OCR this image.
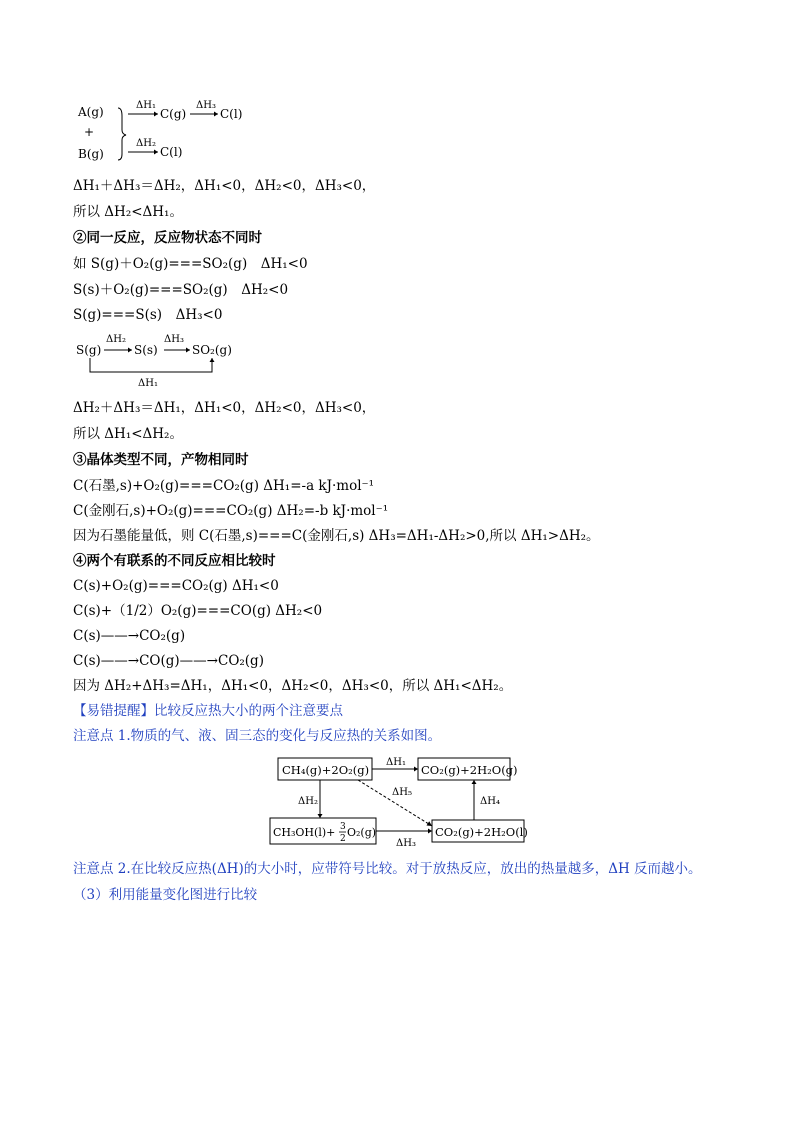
A(g)
+
B(g)
ΔH₁
C(g)
ΔH₃
C(l)
ΔH₂
C(l)
ΔH₁＋ΔH₃＝ΔH₂，ΔH₁<0，ΔH₂<0，ΔH₃<0，
所以 ΔH₂<ΔH₁。
②同一反应，反应物状态不同时
如 S(g)＋O₂(g)===SO₂(g)　ΔH₁<0
S(s)＋O₂(g)===SO₂(g)　ΔH₂<0
S(g)===S(s)　ΔH₃<0
ΔH₂	ΔH₃
S(g)	S(s)	SO₂(g)
ΔH₁
ΔH₂＋ΔH₃＝ΔH₁，ΔH₁<0，ΔH₂<0，ΔH₃<0，
所以 ΔH₁<ΔH₂。
③晶体类型不同，产物相同时
C(石墨,s)+O₂(g)===CO₂(g) ΔH₁=-a kJ·mol⁻¹
C(金刚石,s)+O₂(g)===CO₂(g) ΔH₂=-b kJ·mol⁻¹
因为石墨能量低，则 C(石墨,s)===C(金刚石,s) ΔH₃=ΔH₁-ΔH₂>0,所以 ΔH₁>ΔH₂。
④两个有联系的不同反应相比较时
C(s)+O₂(g)===CO₂(g) ΔH₁<0
C(s)+（1/2）O₂(g)===CO(g) ΔH₂<0
C(s)——→CO₂(g)
C(s)——→CO(g)——→CO₂(g)
因为 ΔH₂+ΔH₃=ΔH₁，ΔH₁<0，ΔH₂<0，ΔH₃<0，所以 ΔH₁<ΔH₂。
【易错提醒】比较反应热大小的两个注意要点
注意点 1.物质的气、液、固三态的变化与反应热的关系如图。
CH₄(g)+2O₂(g)	CO₂(g)+2H₂O(g)
CH₃OH(l)+ 3
2 O₂(g)	CO₂(g)+2H₂O(l)
ΔH₁
ΔH₂
ΔH₅
ΔH₃
ΔH₄
注意点 2.在比较反应热(ΔH)的大小时，应带符号比较。对于放热反应，放出的热量越多，ΔH 反而越小。
（3）利用能量变化图进行比较
